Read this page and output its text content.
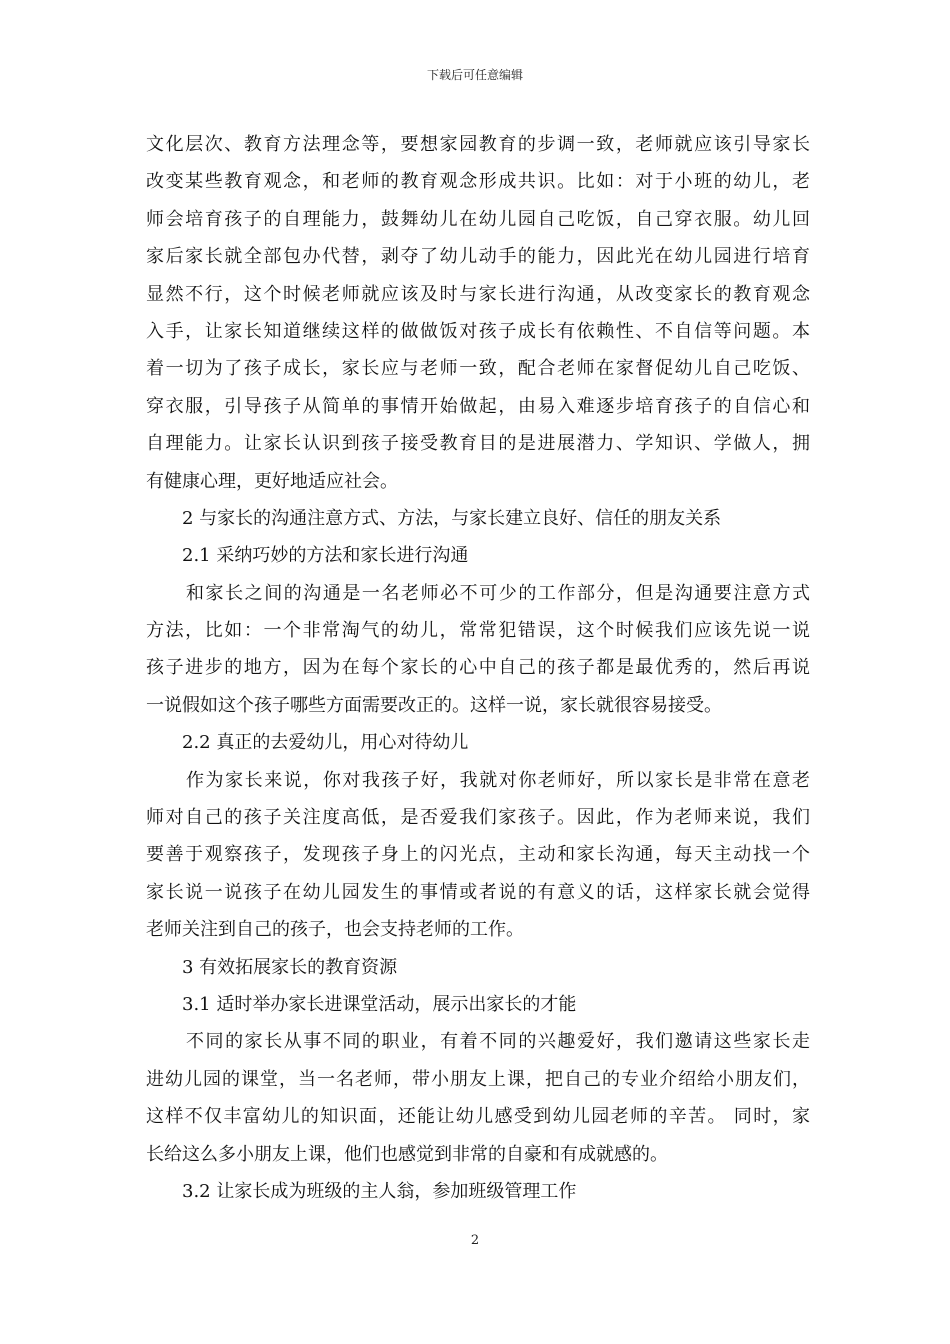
下载后可任意编辑
文化层次、教育方法理念等，要想家园教育的步调一致，老师就应该引导家长
改变某些教育观念，和老师的教育观念形成共识。比如：对于小班的幼儿，老
师会培育孩子的自理能力，鼓舞幼儿在幼儿园自己吃饭，自己穿衣服。幼儿回
家后家长就全部包办代替，剥夺了幼儿动手的能力，因此光在幼儿园进行培育
显然不行，这个时候老师就应该及时与家长进行沟通，从改变家长的教育观念
入手，让家长知道继续这样的做做饭对孩子成长有依赖性、不自信等问题。本
着一切为了孩子成长，家长应与老师一致，配合老师在家督促幼儿自己吃饭、
穿衣服，引导孩子从简单的事情开始做起，由易入难逐步培育孩子的自信心和
自理能力。让家长认识到孩子接受教育目的是进展潜力、学知识、学做人，拥
有健康心理，更好地适应社会。
2 与家长的沟通注意方式、方法，与家长建立良好、信任的朋友关系
2.1 采纳巧妙的方法和家长进行沟通
和家长之间的沟通是一名老师必不可少的工作部分，但是沟通要注意方式
方法，比如：一个非常淘气的幼儿，常常犯错误，这个时候我们应该先说一说
孩子进步的地方，因为在每个家长的心中自己的孩子都是最优秀的，然后再说
一说假如这个孩子哪些方面需要改正的。这样一说，家长就很容易接受。
2.2 真正的去爱幼儿，用心对待幼儿
作为家长来说，你对我孩子好，我就对你老师好，所以家长是非常在意老
师对自己的孩子关注度高低，是否爱我们家孩子。因此，作为老师来说，我们
要善于观察孩子，发现孩子身上的闪光点，主动和家长沟通，每天主动找一个
家长说一说孩子在幼儿园发生的事情或者说的有意义的话，这样家长就会觉得
老师关注到自己的孩子，也会支持老师的工作。
3 有效拓展家长的教育资源
3.1 适时举办家长进课堂活动，展示出家长的才能
不同的家长从事不同的职业，有着不同的兴趣爱好，我们邀请这些家长走
进幼儿园的课堂，当一名老师，带小朋友上课，把自己的专业介绍给小朋友们，
这样不仅丰富幼儿的知识面，还能让幼儿感受到幼儿园老师的辛苦。 同时，家
长给这么多小朋友上课，他们也感觉到非常的自豪和有成就感的。
3.2 让家长成为班级的主人翁，参加班级管理工作
2
